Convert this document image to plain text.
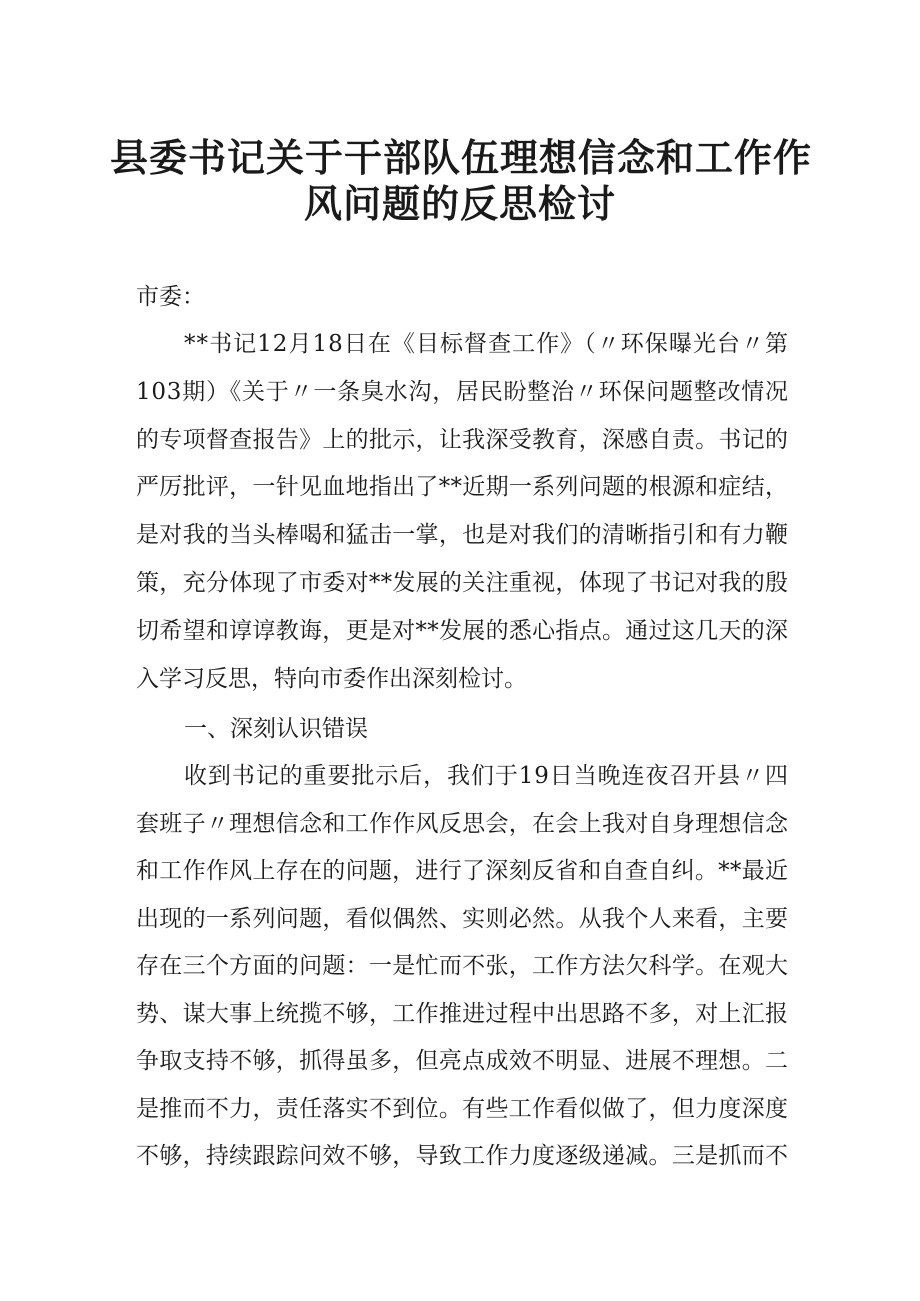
县委书记关于干部队伍理想信念和工作作
风问题的反思检讨
市委：
**书记12月18日在《目标督查工作》（〃环保曝光台〃第
103期）《关于〃一条臭水沟，居民盼整治〃环保问题整改情况
的专项督查报告》上的批示，让我深受教育，深感自责。书记的
严厉批评，一针见血地指出了**近期一系列问题的根源和症结，
是对我的当头棒喝和猛击一掌，也是对我们的清晰指引和有力鞭
策，充分体现了市委对**发展的关注重视，体现了书记对我的殷
切希望和谆谆教诲，更是对**发展的悉心指点。通过这几天的深
入学习反思，特向市委作出深刻检讨。
一、深刻认识错误
收到书记的重要批示后，我们于19日当晚连夜召开县〃四
套班子〃理想信念和工作作风反思会，在会上我对自身理想信念
和工作作风上存在的问题，进行了深刻反省和自查自纠。**最近
出现的一系列问题，看似偶然、实则必然。从我个人来看，主要
存在三个方面的问题：一是忙而不张，工作方法欠科学。在观大
势、谋大事上统揽不够，工作推进过程中出思路不多，对上汇报
争取支持不够，抓得虽多，但亮点成效不明显、进展不理想。二
是推而不力，责任落实不到位。有些工作看似做了，但力度深度
不够，持续跟踪问效不够，导致工作力度逐级递减。三是抓而不
